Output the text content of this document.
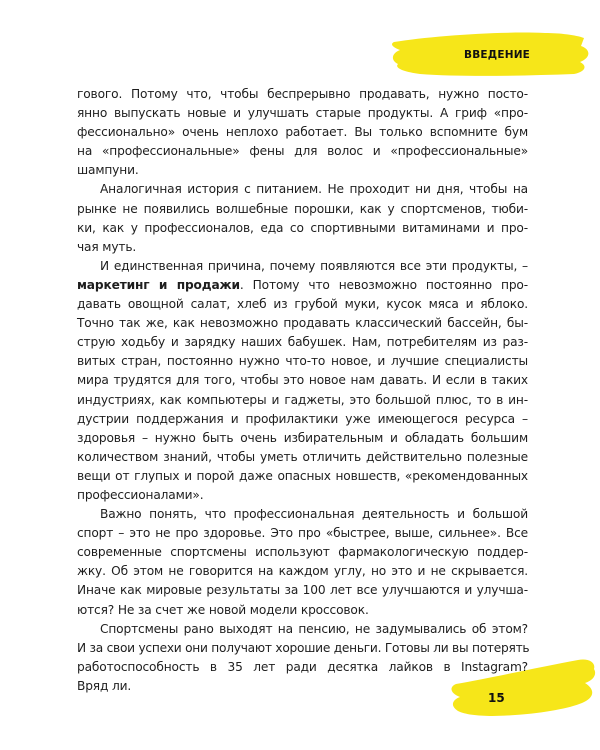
ВВЕДЕНИЕ

гового. Потому что, чтобы беспрерывно продавать, нужно посто-
янно выпускать новые и улучшать старые продукты. А гриф «про-
фессионально» очень неплохо работает. Вы только вспомните бум
на «профессиональные» фены для волос и «профессиональные»
шампуни.

Аналогичная история с питанием. Не проходит ни дня, чтобы на
рынке не появились волшебные порошки, как у спортсменов, тюби-
ки, как у профессионалов, еда со спортивными витаминами и про-
чая муть.

И единственная причина, почему появляются все эти продукты, –
маркетинг и продажи. Потому что невозможно постоянно про-
давать овощной салат, хлеб из грубой муки, кусок мяса и яблоко.
Точно так же, как невозможно продавать классический бассейн, бы-
струю ходьбу и зарядку наших бабушек. Нам, потребителям из раз-
витых стран, постоянно нужно что-то новое, и лучшие специалисты
мира трудятся для того, чтобы это новое нам давать. И если в таких
индустриях, как компьютеры и гаджеты, это большой плюс, то в ин-
дустрии поддержания и профилактики уже имеющегося ресурса –
здоровья – нужно быть очень избирательным и обладать большим
количеством знаний, чтобы уметь отличить действительно полезные
вещи от глупых и порой даже опасных новшеств, «рекомендованных
профессионалами».

Важно понять, что профессиональная деятельность и большой
спорт – это не про здоровье. Это про «быстрее, выше, сильнее». Все
современные спортсмены используют фармакологическую поддер-
жку. Об этом не говорится на каждом углу, но это и не скрывается.
Иначе как мировые результаты за 100 лет все улучшаются и улучша-
ются? Не за счет же новой модели кроссовок.

Спортсмены рано выходят на пенсию, не задумывались об этом?
И за свои успехи они получают хорошие деньги. Готовы ли вы потерять
работоспособность в 35 лет ради десятка лайков в Instagram?
Вряд ли.

15
